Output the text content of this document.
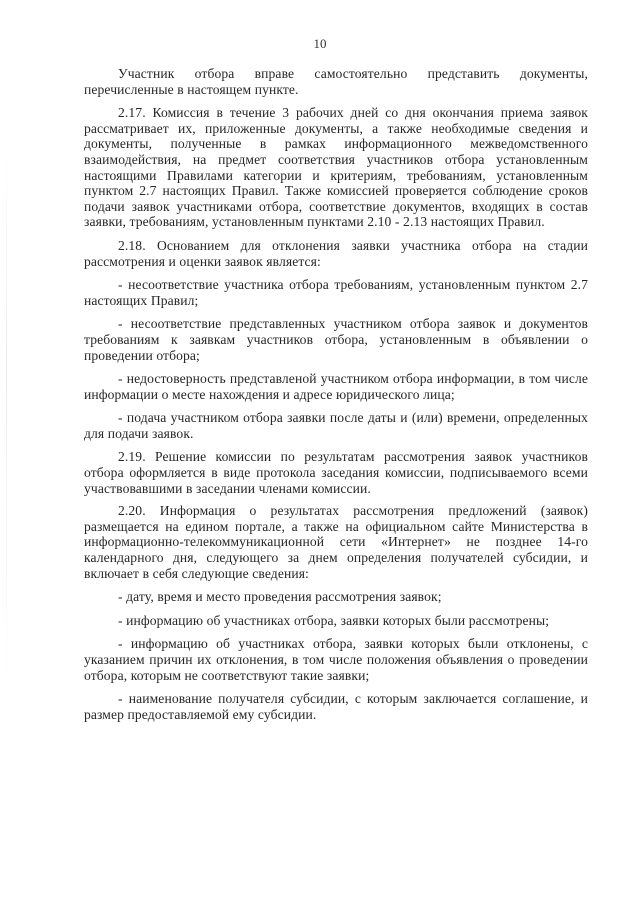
10

Участник отбора вправе самостоятельно представить документы, перечисленные в настоящем пункте.

2.17. Комиссия в течение 3 рабочих дней со дня окончания приема заявок рассматривает их, приложенные документы, а также необходимые сведения и документы, полученные в рамках информационного межведомственного взаимодействия, на предмет соответствия участников отбора установленным настоящими Правилами категории и критериям, требованиям, установленным пунктом 2.7 настоящих Правил. Также комиссией проверяется соблюдение сроков подачи заявок участниками отбора, соответствие документов, входящих в состав заявки, требованиям, установленным пунктами 2.10 - 2.13 настоящих Правил.

2.18. Основанием для отклонения заявки участника отбора на стадии рассмотрения и оценки заявок является:

- несоответствие участника отбора требованиям, установленным пунктом 2.7 настоящих Правил;

- несоответствие представленных участником отбора заявок и документов требованиям к заявкам участников отбора, установленным в объявлении о проведении отбора;

- недостоверность представленой участником отбора информации, в том числе информации о месте нахождения и адресе юридического лица;

- подача участником отбора заявки после даты и (или) времени, определенных для подачи заявок.

2.19. Решение комиссии по результатам рассмотрения заявок участников отбора оформляется в виде протокола заседания комиссии, подписываемого всеми участвовавшими в заседании членами комиссии.

2.20. Информация о результатах рассмотрения предложений (заявок) размещается на едином портале, а также на официальном сайте Министерства в информационно-телекоммуникационной сети «Интернет» не позднее 14-го календарного дня, следующего за днем определения получателей субсидии, и включает в себя следующие сведения:

- дату, время и место проведения рассмотрения заявок;

- информацию об участниках отбора, заявки которых были рассмотрены;

- информацию об участниках отбора, заявки которых были отклонены, с указанием причин их отклонения, в том числе положения объявления о проведении отбора, которым не соответствуют такие заявки;

- наименование получателя субсидии, с которым заключается соглашение, и размер предоставляемой ему субсидии.
